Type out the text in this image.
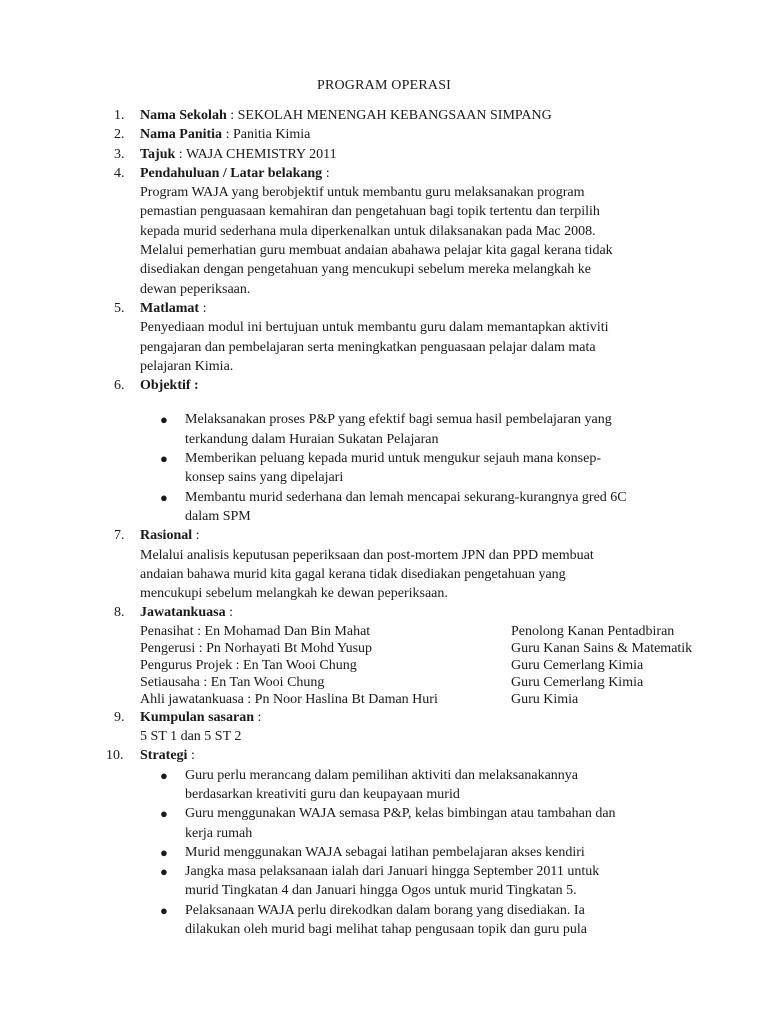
PROGRAM OPERASI
1. Nama Sekolah : SEKOLAH MENENGAH KEBANGSAAN SIMPANG
2. Nama Panitia : Panitia Kimia
3. Tajuk : WAJA CHEMISTRY 2011
4. Pendahuluan / Latar belakang :
Program WAJA yang berobjektif untuk membantu guru melaksanakan program
pemastian penguasaan kemahiran dan pengetahuan bagi topik tertentu dan terpilih
kepada murid sederhana mula diperkenalkan untuk dilaksanakan pada Mac 2008.
Melalui pemerhatian guru membuat andaian abahawa pelajar kita gagal kerana tidak
disediakan dengan pengetahuan yang mencukupi sebelum mereka melangkah ke
dewan peperiksaan.
5. Matlamat :
Penyediaan modul ini bertujuan untuk membantu guru dalam memantapkan aktiviti
pengajaran dan pembelajaran serta meningkatkan penguasaan pelajar dalam mata
pelajaran Kimia.
6. Objektif :
● Melaksanakan proses P&P yang efektif bagi semua hasil pembelajaran yang
terkandung dalam Huraian Sukatan Pelajaran
● Memberikan peluang kepada murid untuk mengukur sejauh mana konsep-
konsep sains yang dipelajari
● Membantu murid sederhana dan lemah mencapai sekurang-kurangnya gred 6C
dalam SPM
7. Rasional :
Melalui analisis keputusan peperiksaan dan post-mortem JPN dan PPD membuat
andaian bahawa murid kita gagal kerana tidak disediakan pengetahuan yang
mencukupi sebelum melangkah ke dewan peperiksaan.
8. Jawatankuasa :
Penasihat : En Mohamad Dan Bin Mahat	Penolong Kanan Pentadbiran
Pengerusi : Pn Norhayati Bt Mohd Yusup	Guru Kanan Sains & Matematik
Pengurus Projek : En Tan Wooi Chung	Guru Cemerlang Kimia
Setiausaha : En Tan Wooi Chung	Guru Cemerlang Kimia
Ahli jawatankuasa : Pn Noor Haslina Bt Daman Huri	Guru Kimia
9. Kumpulan sasaran :
5 ST 1 dan 5 ST 2
10. Strategi :
● Guru perlu merancang dalam pemilihan aktiviti dan melaksanakannya
berdasarkan kreativiti guru dan keupayaan murid
● Guru menggunakan WAJA semasa P&P, kelas bimbingan atau tambahan dan
kerja rumah
● Murid menggunakan WAJA sebagai latihan pembelajaran akses kendiri
● Jangka masa pelaksanaan ialah dari Januari hingga September 2011 untuk
murid Tingkatan 4 dan Januari hingga Ogos untuk murid Tingkatan 5.
● Pelaksanaan WAJA perlu direkodkan dalam borang yang disediakan. Ia
dilakukan oleh murid bagi melihat tahap pengusaan topik dan guru pula
